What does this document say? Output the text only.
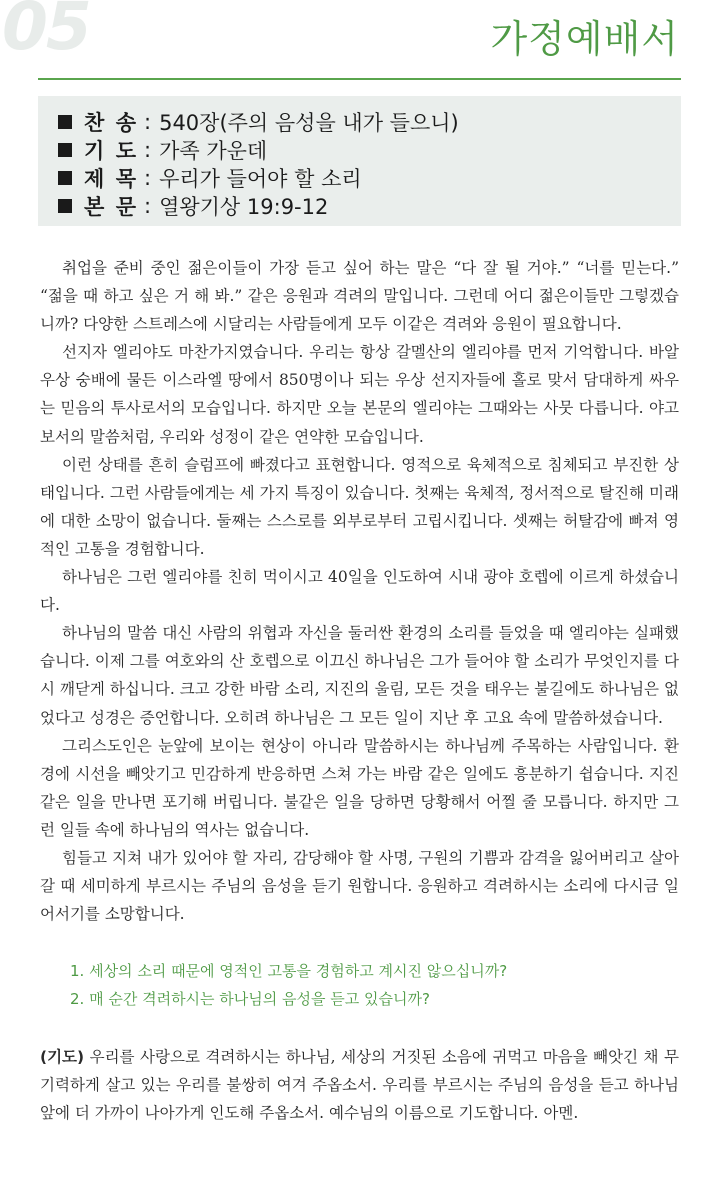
05	가정예배서
찬 송 : 540장(주의 음성을 내가 들으니)
기 도 : 가족 가운데
제 목 : 우리가 들어야 할 소리
본 문 : 열왕기상 19:9-12

취업을 준비 중인 젊은이들이 가장 듣고 싶어 하는 말은 “다 잘 될 거야.” “너를 믿는다.” “젊을 때 하고 싶은 거 해 봐.” 같은 응원과 격려의 말입니다. 그런데 어디 젊은이들만 그렇겠습니까? 다양한 스트레스에 시달리는 사람들에게 모두 이같은 격려와 응원이 필요합니다.

선지자 엘리야도 마찬가지였습니다. 우리는 항상 갈멜산의 엘리야를 먼저 기억합니다. 바알 우상 숭배에 물든 이스라엘 땅에서 850명이나 되는 우상 선지자들에 홀로 맞서 담대하게 싸우는 믿음의 투사로서의 모습입니다. 하지만 오늘 본문의 엘리야는 그때와는 사뭇 다릅니다. 야고보서의 말씀처럼, 우리와 성정이 같은 연약한 모습입니다.

이런 상태를 흔히 슬럼프에 빠졌다고 표현합니다. 영적으로 육체적으로 침체되고 부진한 상태입니다. 그런 사람들에게는 세 가지 특징이 있습니다. 첫째는 육체적, 정서적으로 탈진해 미래에 대한 소망이 없습니다. 둘째는 스스로를 외부로부터 고립시킵니다. 셋째는 허탈감에 빠져 영적인 고통을 경험합니다.

하나님은 그런 엘리야를 친히 먹이시고 40일을 인도하여 시내 광야 호렙에 이르게 하셨습니다.

하나님의 말씀 대신 사람의 위협과 자신을 둘러싼 환경의 소리를 들었을 때 엘리야는 실패했습니다. 이제 그를 여호와의 산 호렙으로 이끄신 하나님은 그가 들어야 할 소리가 무엇인지를 다시 깨닫게 하십니다. 크고 강한 바람 소리, 지진의 울림, 모든 것을 태우는 불길에도 하나님은 없었다고 성경은 증언합니다. 오히려 하나님은 그 모든 일이 지난 후 고요 속에 말씀하셨습니다.

그리스도인은 눈앞에 보이는 현상이 아니라 말씀하시는 하나님께 주목하는 사람입니다. 환경에 시선을 빼앗기고 민감하게 반응하면 스쳐 가는 바람 같은 일에도 흥분하기 쉽습니다. 지진 같은 일을 만나면 포기해 버립니다. 불같은 일을 당하면 당황해서 어찔 줄 모릅니다. 하지만 그런 일들 속에 하나님의 역사는 없습니다.

힘들고 지쳐 내가 있어야 할 자리, 감당해야 할 사명, 구원의 기쁨과 감격을 잃어버리고 살아갈 때 세미하게 부르시는 주님의 음성을 듣기 원합니다. 응원하고 격려하시는 소리에 다시금 일어서기를 소망합니다.

1. 세상의 소리 때문에 영적인 고통을 경험하고 계시진 않으십니까?
2. 매 순간 격려하시는 하나님의 음성을 듣고 있습니까?
(기도) 우리를 사랑으로 격려하시는 하나님, 세상의 거짓된 소음에 귀먹고 마음을 빼앗긴 채 무기력하게 살고 있는 우리를 불쌍히 여겨 주옵소서. 우리를 부르시는 주님의 음성을 듣고 하나님 앞에 더 가까이 나아가게 인도해 주옵소서. 예수님의 이름으로 기도합니다. 아멘.
